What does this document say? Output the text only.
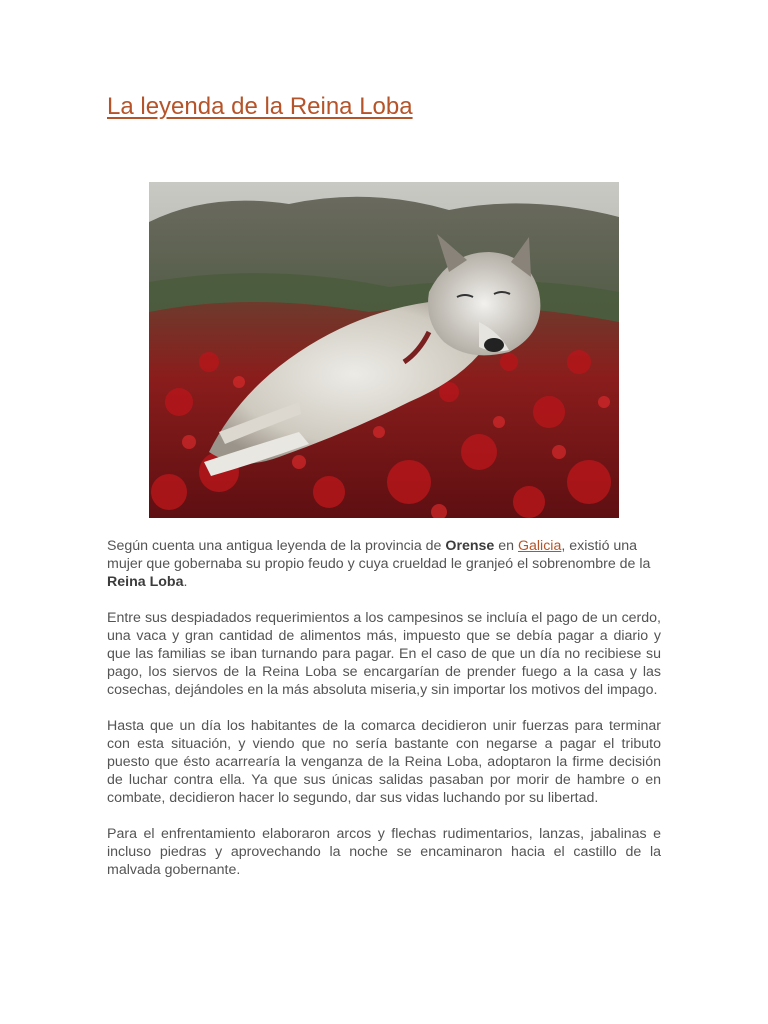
La leyenda de la Reina Loba

Según cuenta una antigua leyenda de la provincia de Orense en Galicia, existió una mujer que gobernaba su propio feudo y cuya crueldad le granjeó el sobrenombre de la Reina Loba.

Entre sus despiadados requerimientos a los campesinos se incluía el pago de un cerdo, una vaca y gran cantidad de alimentos más, impuesto que se debía pagar a diario y que las familias se iban turnando para pagar. En el caso de que un día no recibiese su pago, los siervos de la Reina Loba se encargarían de prender fuego a la casa y las cosechas, dejándoles en la más absoluta miseria,y sin importar los motivos del impago.

Hasta que un día los habitantes de la comarca decidieron unir fuerzas para terminar con esta situación, y viendo que no sería bastante con negarse a pagar el tributo puesto que ésto acarrearía la venganza de la Reina Loba, adoptaron la firme decisión de luchar contra ella. Ya que sus únicas salidas pasaban por morir de hambre o en combate, decidieron hacer lo segundo, dar sus vidas luchando por su libertad.

Para el enfrentamiento elaboraron arcos y flechas rudimentarios, lanzas, jabalinas e incluso piedras y aprovechando la noche se encaminaron hacia el castillo de la malvada gobernante.
